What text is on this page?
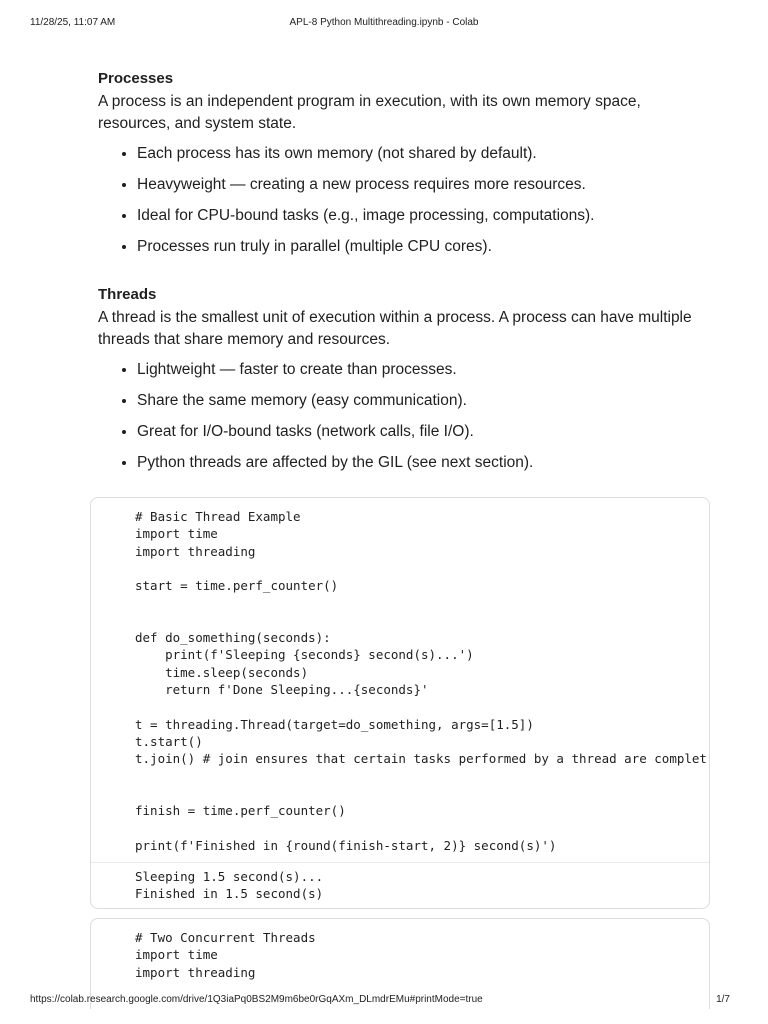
11/28/25, 11:07 AM	APL-8 Python Multithreading.ipynb - Colab
Processes

A process is an independent program in execution, with its own memory space, resources, and system state.

• Each process has its own memory (not shared by default).
• Heavyweight — creating a new process requires more resources.
• Ideal for CPU-bound tasks (e.g., image processing, computations).
• Processes run truly in parallel (multiple CPU cores).
Threads

A thread is the smallest unit of execution within a process. A process can have multiple threads that share memory and resources.

• Lightweight — faster to create than processes.
• Share the same memory (easy communication).
• Great for I/O-bound tasks (network calls, file I/O).
• Python threads are affected by the GIL (see next section).
# Basic Thread Example
import time
import threading

start = time.perf_counter()

def do_something(seconds):
print(f'Sleeping {seconds} second(s)...')
time.sleep(seconds)
return f'Done Sleeping...{seconds}'

t = threading.Thread(target=do_something, args=[1.5])
t.start()
t.join() # join ensures that certain tasks performed by a thread are complet

finish = time.perf_counter()

print(f'Finished in {round(finish-start, 2)} second(s)')
Sleeping 1.5 second(s)...
Finished in 1.5 second(s)
# Two Concurrent Threads
import time
import threading
https://colab.research.google.com/drive/1Q3iaPq0BS2M9m6be0rGqAXm_DLmdrEMu#printMode=true	1/7
